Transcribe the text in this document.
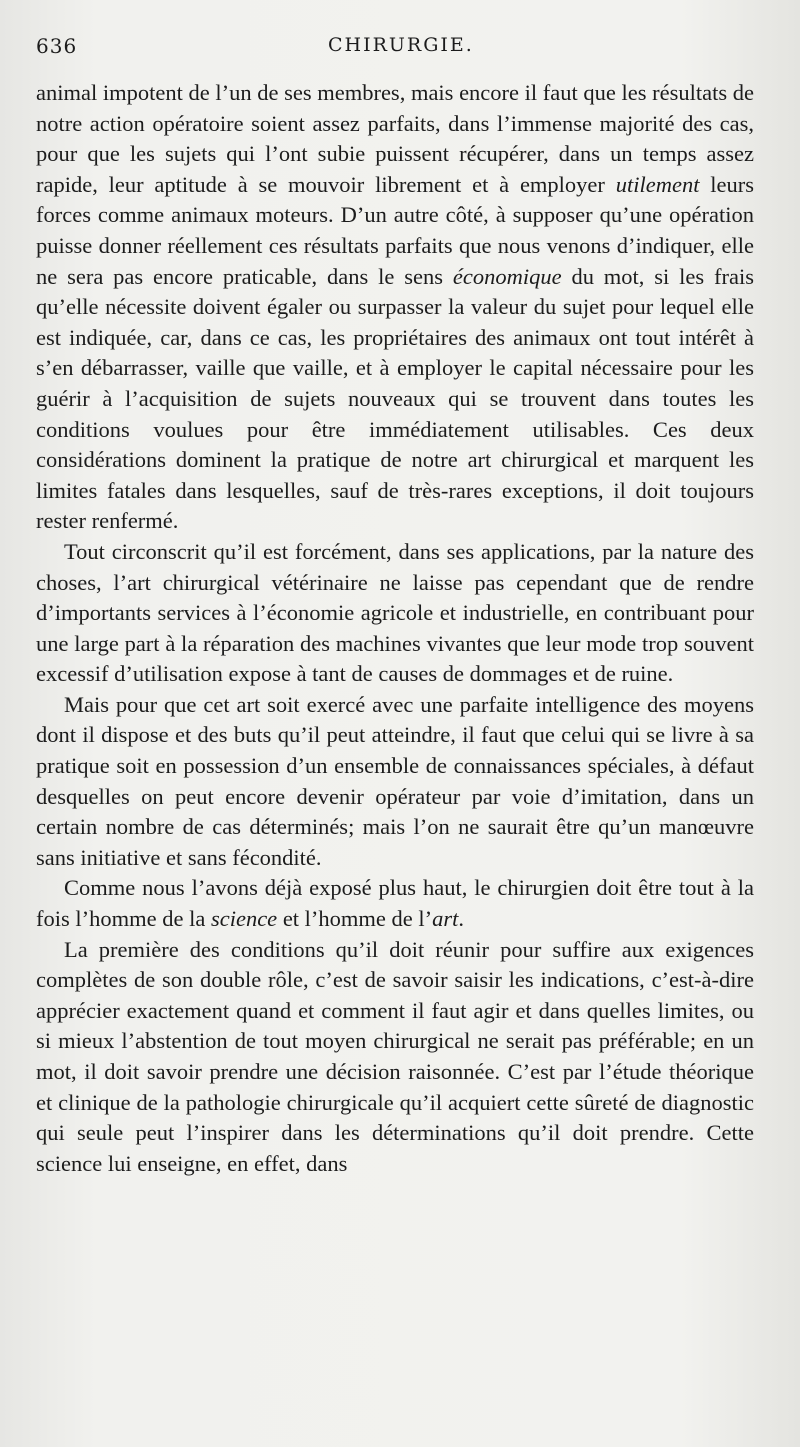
636	CHIRURGIE.

animal impotent de l’un de ses membres, mais encore il faut que les résultats de notre action opératoire soient assez parfaits, dans l’immense majorité des cas, pour que les sujets qui l’ont subie puissent récupérer, dans un temps assez rapide, leur aptitude à se mouvoir librement et à employer utilement leurs forces comme animaux moteurs. D’un autre côté, à supposer qu’une opération puisse donner réellement ces résultats parfaits que nous venons d’indiquer, elle ne sera pas encore praticable, dans le sens économique du mot, si les frais qu’elle nécessite doivent égaler ou surpasser la valeur du sujet pour lequel elle est indiquée, car, dans ce cas, les propriétaires des animaux ont tout intérêt à s’en débarrasser, vaille que vaille, et à employer le capital nécessaire pour les guérir à l’acquisition de sujets nouveaux qui se trouvent dans toutes les conditions voulues pour être immédiatement utilisables. Ces deux considérations dominent la pratique de notre art chirurgical et marquent les limites fatales dans lesquelles, sauf de très-rares exceptions, il doit toujours rester renfermé.

Tout circonscrit qu’il est forcément, dans ses applications, par la nature des choses, l’art chirurgical vétérinaire ne laisse pas cependant que de rendre d’importants services à l’économie agricole et industrielle, en contribuant pour une large part à la réparation des machines vivantes que leur mode trop souvent excessif d’utilisation expose à tant de causes de dommages et de ruine.

Mais pour que cet art soit exercé avec une parfaite intelligence des moyens dont il dispose et des buts qu’il peut atteindre, il faut que celui qui se livre à sa pratique soit en possession d’un ensemble de connaissances spéciales, à défaut desquelles on peut encore devenir opérateur par voie d’imitation, dans un certain nombre de cas déterminés; mais l’on ne saurait être qu’un manœuvre sans initiative et sans fécondité.

Comme nous l’avons déjà exposé plus haut, le chirurgien doit être tout à la fois l’homme de la science et l’homme de l’art.

La première des conditions qu’il doit réunir pour suffire aux exigences complètes de son double rôle, c’est de savoir saisir les indications, c’est-à-dire apprécier exactement quand et comment il faut agir et dans quelles limites, ou si mieux l’abstention de tout moyen chirurgical ne serait pas préférable; en un mot, il doit savoir prendre une décision raisonnée. C’est par l’étude théorique et clinique de la pathologie chirurgicale qu’il acquiert cette sûreté de diagnostic qui seule peut l’inspirer dans les déterminations qu’il doit prendre. Cette science lui enseigne, en effet, dans
